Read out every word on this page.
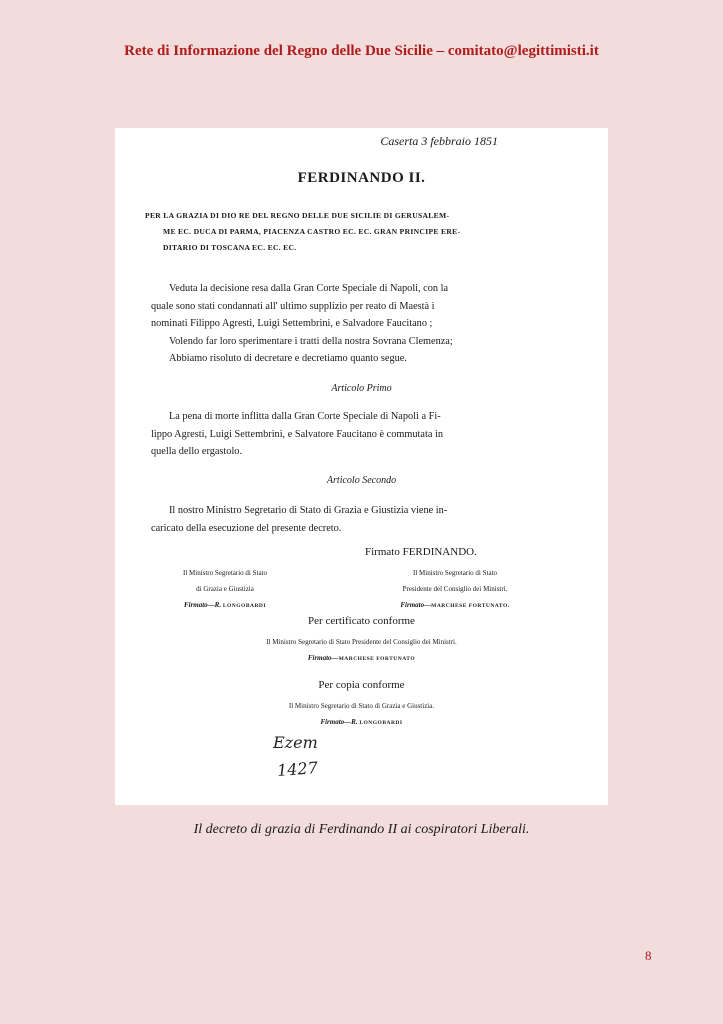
Rete di Informazione del Regno delle Due Sicilie – comitato@legittimisti.it
Caserta 3 febbraio 1851
FERDINANDO II.
PER LA GRAZIA DI DIO RE DEL REGNO DELLE DUE SICILIE DI GERUSALEM-
ME EC. DUCA DI PARMA, PIACENZA CASTRO EC. EC. GRAN PRINCIPE ERE-
DITARIO DI TOSCANA EC. EC. EC.
Veduta la decisione resa dalla Gran Corte Speciale di Napoli, con la
quale sono stati condannati all' ultimo supplizio per reato di Maestà i
nominati Filippo Agresti, Luigi Settembrini, e Salvadore Faucitano ;
Volendo far loro sperimentare i tratti della nostra Sovrana Clemenza;
Abbiamo risoluto di decretare e decretiamo quanto segue.
Articolo Primo
La pena di morte inflitta dalla Gran Corte Speciale di Napoli a Fi-
lippo Agresti, Luigi Settembrini, e Salvatore Faucitano è commutata in
quella dello ergastolo.
Articolo Secondo
Il nostro Ministro Segretario di Stato di Grazia e Giustizia viene in-
caricato della esecuzione del presente decreto.
Firmato FERDINANDO.
Il Ministro Segretario di Stato
di Grazia e Giustizia
Firmato—R. LONGOBARDI
Il Ministro Segretario di Stato
Presidente del Consiglio dei Ministri.
Firmato—MARCHESE FORTUNATO.
Per certificato conforme
Il Ministro Segretario di Stato Presidente del Consiglio dei Ministri.
Firmato—MARCHESE FORTUNATO
Per copia conforme
Il Ministro Segretario di Stato di Grazia e Giustizia.
Firmato—R. LONGOBARDI
Ezem
1427
Il decreto di grazia di Ferdinando II ai cospiratori Liberali.
8
